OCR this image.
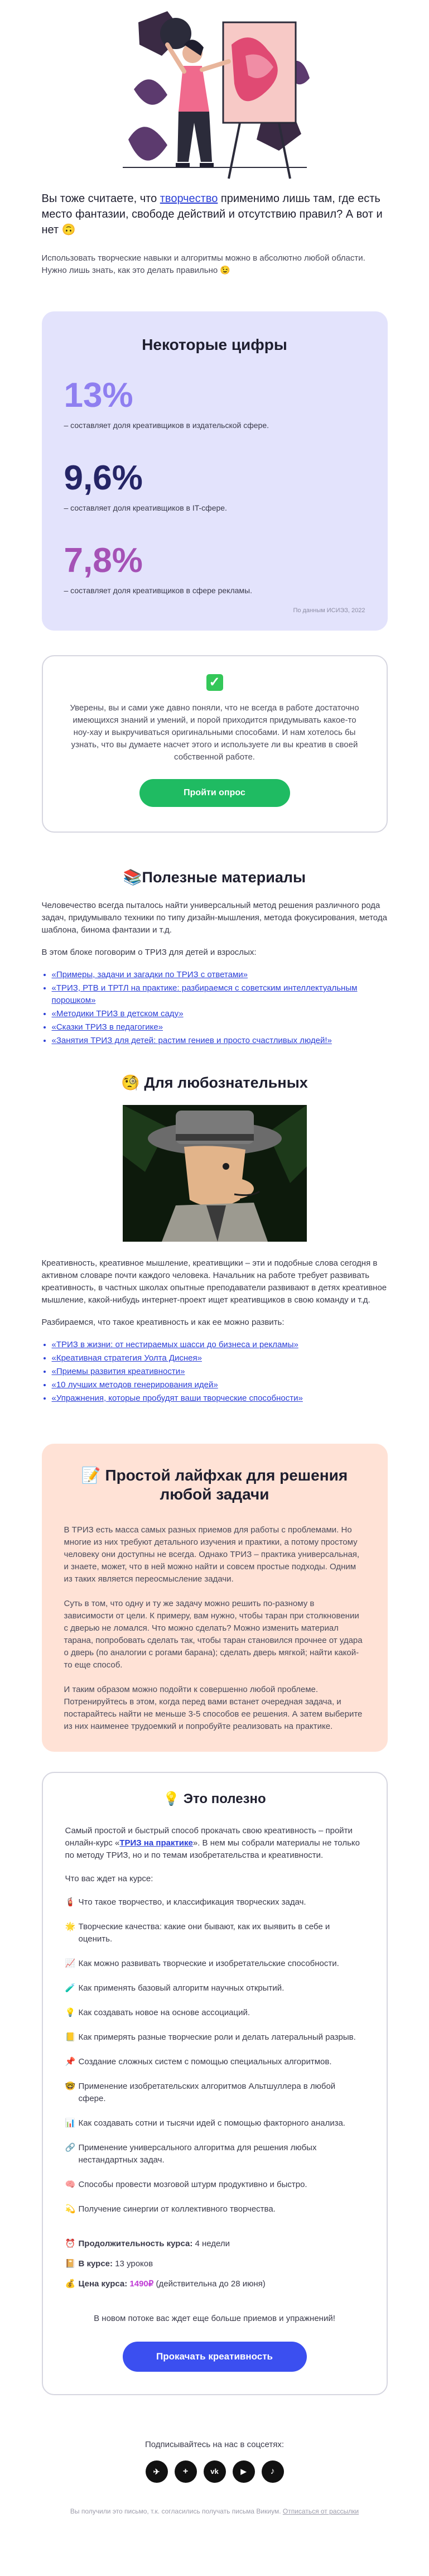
Вы тоже считаете, что творчество применимо лишь там, где есть место фантазии, свободе действий и отсутствию правил? А вот и нет 🙃
Использовать творческие навыки и алгоритмы можно в абсолютно любой области. Нужно лишь знать, как это делать правильно 😉
Некоторые цифры

13%

– составляет доля креативщиков в издательской сфере.

9,6%

– составляет доля креативщиков в IT-сфере.

7,8%

– составляет доля креативщиков в сфере рекламы.

По данным ИСИЭЗ, 2022
✓

Уверены, вы и сами уже давно поняли, что не всегда в работе достаточно имеющихся знаний и умений, и порой приходится придумывать какое-то ноу-хау и выкручиваться оригинальными способами. И нам хотелось бы узнать, что вы думаете насчет этого и используете ли вы креатив в своей собственной работе.

Пройти опрос
📚Полезные материалы
Человечество всегда пыталось найти универсальный метод решения различного рода задач, придумывало техники по типу дизайн-мышления, метода фокусирования, метода шаблона, бинома фантазии и т.д.
В этом блоке поговорим о ТРИЗ для детей и взрослых:
• «Примеры, задачи и загадки по ТРИЗ с ответами»
• «ТРИЗ, РТВ и ТРТЛ на практике: разбираемся с советским интеллектуальным порошком»
• «Методики ТРИЗ в детском саду»
• «Сказки ТРИЗ в педагогике»
• «Занятия ТРИЗ для детей: растим гениев и просто счастливых людей!»
🧐 Для любознательных
Креативность, креативное мышление, креативщики – эти и подобные слова сегодня в активном словаре почти каждого человека. Начальник на работе требует развивать креативность, в частных школах опытные преподаватели развивают в детях креативное мышление, какой-нибудь интернет-проект ищет креативщиков в свою команду и т.д.
Разбираемся, что такое креативность и как ее можно развить:
• «ТРИЗ в жизни: от нестираемых шасси до бизнеса и рекламы»
• «Креативная стратегия Уолта Диснея»
• «Приемы развития креативности»
• «10 лучших методов генерирования идей»
• «Упражнения, которые пробудят ваши творческие способности»
📝 Простой лайфхак для решения любой задачи

В ТРИЗ есть масса самых разных приемов для работы с проблемами. Но многие из них требуют детального изучения и практики, а потому простому человеку они доступны не всегда. Однако ТРИЗ – практика универсальная, и знаете, может, что в ней можно найти и совсем простые подходы. Одним из таких является переосмысление задачи.

Суть в том, что одну и ту же задачу можно решить по-разному в зависимости от цели. К примеру, вам нужно, чтобы таран при столкновении с дверью не ломался. Что можно сделать? Можно изменить материал тарана, попробовать сделать так, чтобы таран становился прочнее от удара о дверь (по аналогии с рогами барана); сделать дверь мягкой; найти какой-то еще способ.

И таким образом можно подойти к совершенно любой проблеме. Потренируйтесь в этом, когда перед вами встанет очередная задача, и постарайтесь найти не меньше 3-5 способов ее решения. А затем выберите из них наименее трудоемкий и попробуйте реализовать на практике.

💡 Это полезно

Самый простой и быстрый способ прокачать свою креативность – пройти онлайн-курс «ТРИЗ на практике». В нем мы собрали материалы не только по методу ТРИЗ, но и по темам изобретательства и креативности.

Что вас ждет на курсе:

🧯 Что такое творчество, и классификация творческих задач.
🌟 Творческие качества: какие они бывают, как их выявить в себе и оценить.
📈 Как можно развивать творческие и изобретательские способности.
🧪 Как применять базовый алгоритм научных открытий.
💡 Как создавать новое на основе ассоциаций.
📒 Как примерять разные творческие роли и делать латеральный разрыв.
📌 Создание сложных систем с помощью специальных алгоритмов.
🤓 Применение изобретательских алгоритмов Альтшуллера в любой сфере.
📊 Как создавать сотни и тысячи идей с помощью факторного анализа.
🔗 Применение универсального алгоритма для решения любых нестандартных задач.
🧠 Способы провести мозговой штурм продуктивно и быстро.
💫 Получение синергии от коллективного творчества.
⏰ Продолжительность курса: 4 недели
📔 В курсе: 13 уроков
💰 Цена курса:
1490₽ (действительна до 28 июня)

В новом потоке вас ждет еще больше приемов и упражнений!

Прокачать креативность
Подписывайтесь на нас в соцсетях:
✈	+	vk	▶	♪
Вы получили это письмо, т.к. согласились получать письма Викиум. Отписаться от рассылки
